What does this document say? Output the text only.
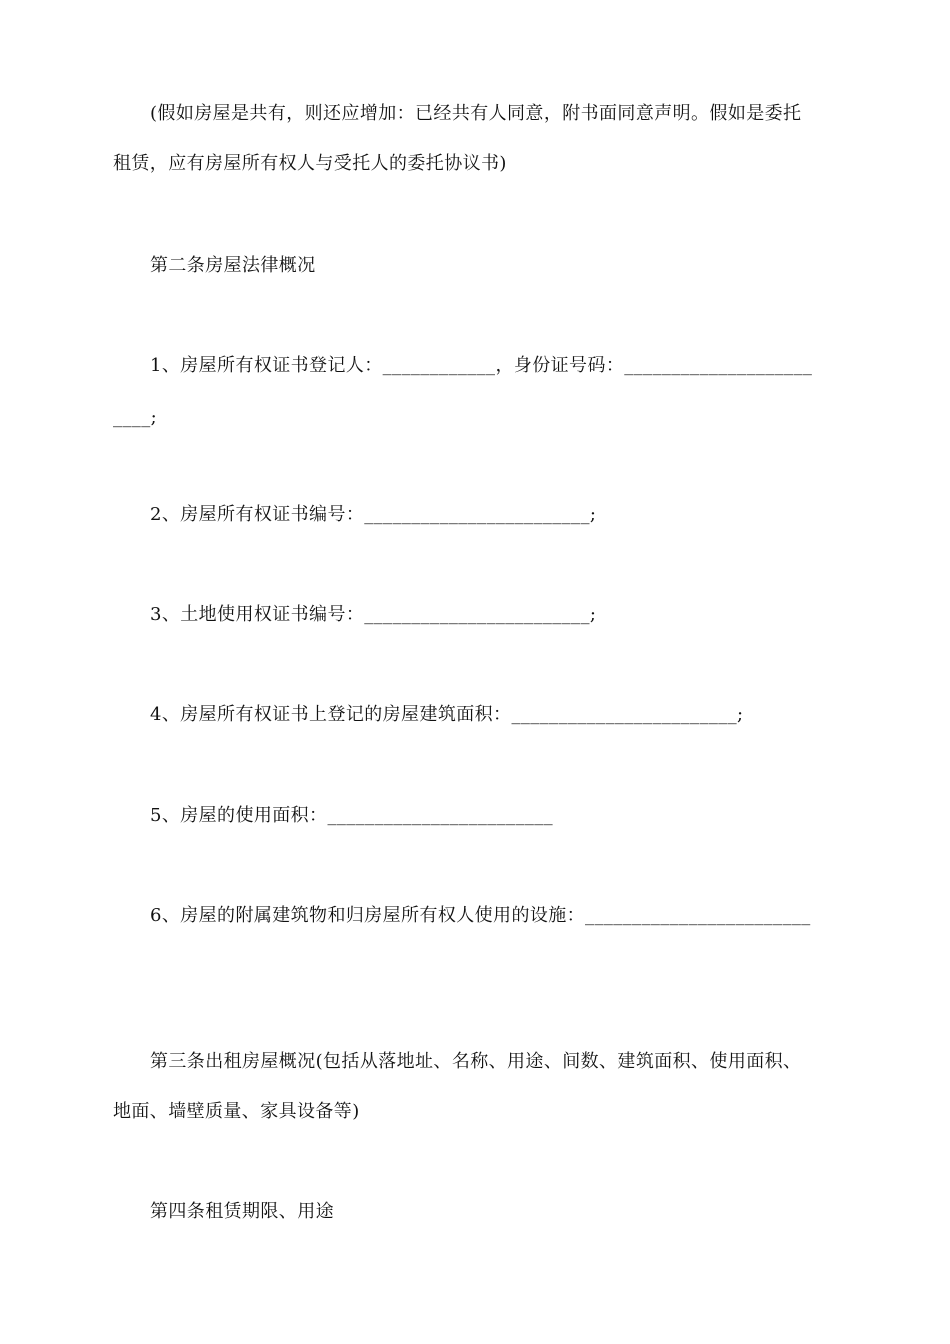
(假如房屋是共有，则还应增加：已经共有人同意，附书面同意声明。假如是委托
租赁，应有房屋所有权人与受托人的委托协议书)
第二条房屋法律概况
1、房屋所有权证书登记人：____________，身份证号码：____________________
____;
2、房屋所有权证书编号：________________________;
3、土地使用权证书编号：________________________;
4、房屋所有权证书上登记的房屋建筑面积：________________________;
5、房屋的使用面积：________________________
6、房屋的附属建筑物和归房屋所有权人使用的设施：________________________
第三条出租房屋概况(包括从落地址、名称、用途、间数、建筑面积、使用面积、
地面、墙壁质量、家具设备等)
第四条租赁期限、用途
